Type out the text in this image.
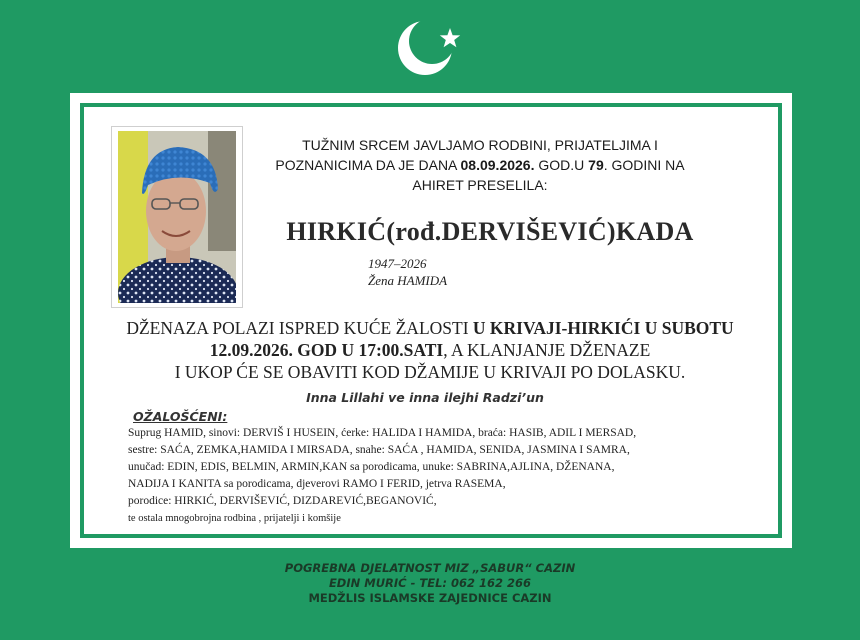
TUŽNIM SRCEM JAVLJAMO RODBINI, PRIJATELJIMA I
POZNANICIMA DA JE DANA 08.09.2026. GOD.U 79. GODINI NA
AHIRET PRESELILA:
HIRKIĆ(rođ.DERVIŠEVIĆ)KADA
1947–2026
Žena HAMIDA
DŽENAZA POLAZI ISPRED KUĆE ŽALOSTI U KRIVAJI-HIRKIĆI U SUBOTU 12.09.2026. GOD U 17:00.SATI, A KLANJANJE DŽENAZE
I UKOP ĆE SE OBAVITI KOD DŽAMIJE U KRIVAJI PO DOLASKU.
Inna Lillahi ve inna ilejhi Radzi’un
OŽALOŠĆENI:
Suprug HAMID, sinovi: DERVIŠ I HUSEIN, ćerke: HALIDA I HAMIDA, braća: HASIB, ADIL I MERSAD,
sestre: SAĆA, ZEMKA,HAMIDA I MIRSADA, snahe: SAĆA , HAMIDA, SENIDA, JASMINA I SAMRA,
unučad: EDIN, EDIS, BELMIN, ARMIN,KAN sa porodicama, unuke: SABRINA,AJLINA, DŽENANA,
NADIJA I KANITA sa porodicama, djeverovi RAMO I FERID, jetrva RASEMA,
porodice: HIRKIĆ, DERVIŠEVIĆ, DIZDAREVIĆ,BEGANOVIĆ,
te ostala mnogobrojna rodbina , prijatelji i komšije
POGREBNA DJELATNOST MIZ „SABUR“ CAZIN
EDIN MURIĆ - TEL: 062 162 266
MEDŽLIS ISLAMSKE ZAJEDNICE CAZIN
